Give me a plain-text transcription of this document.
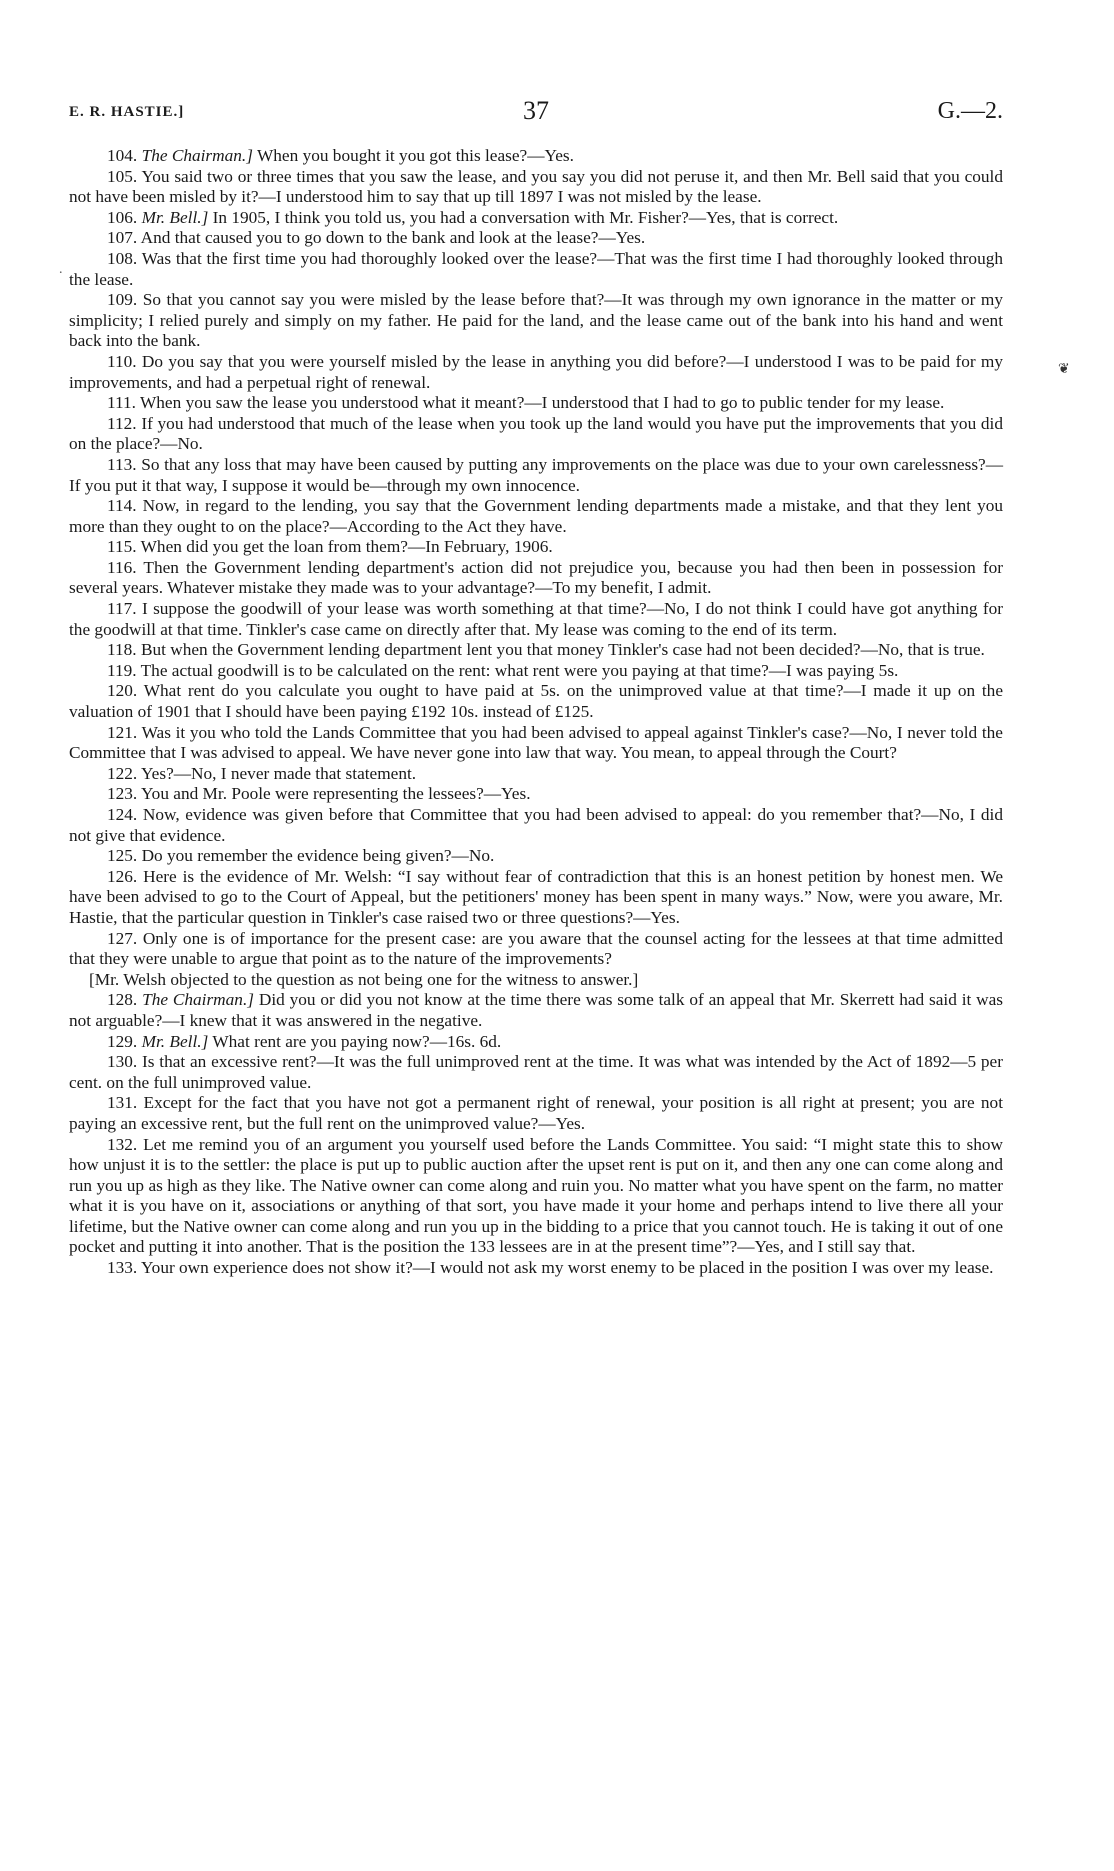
E. R. HASTIE.]	37	G.—2.
.
❦

104. The Chairman.] When you bought it you got this lease?—Yes.

105. You said two or three times that you saw the lease, and you say you did not peruse it, and then Mr. Bell said that you could not have been misled by it?—I understood him to say that up till 1897 I was not misled by the lease.

106. Mr. Bell.] In 1905, I think you told us, you had a conversation with Mr. Fisher?—Yes, that is correct.

107. And that caused you to go down to the bank and look at the lease?—Yes.

108. Was that the first time you had thoroughly looked over the lease?—That was the first time I had thoroughly looked through the lease.

109. So that you cannot say you were misled by the lease before that?—It was through my own ignorance in the matter or my simplicity; I relied purely and simply on my father. He paid for the land, and the lease came out of the bank into his hand and went back into the bank.

110. Do you say that you were yourself misled by the lease in anything you did before?—I understood I was to be paid for my improvements, and had a perpetual right of renewal.

111. When you saw the lease you understood what it meant?—I understood that I had to go to public tender for my lease.

112. If you had understood that much of the lease when you took up the land would you have put the improvements that you did on the place?—No.

113. So that any loss that may have been caused by putting any improvements on the place was due to your own carelessness?—If you put it that way, I suppose it would be—through my own innocence.

114. Now, in regard to the lending, you say that the Government lending departments made a mistake, and that they lent you more than they ought to on the place?—According to the Act they have.

115. When did you get the loan from them?—In February, 1906.

116. Then the Government lending department's action did not prejudice you, because you had then been in possession for several years. Whatever mistake they made was to your advantage?—To my benefit, I admit.

117. I suppose the goodwill of your lease was worth something at that time?—No, I do not think I could have got anything for the goodwill at that time. Tinkler's case came on directly after that. My lease was coming to the end of its term.

118. But when the Government lending department lent you that money Tinkler's case had not been decided?—No, that is true.

119. The actual goodwill is to be calculated on the rent: what rent were you paying at that time?—I was paying 5s.

120. What rent do you calculate you ought to have paid at 5s. on the unimproved value at that time?—I made it up on the valuation of 1901 that I should have been paying £192 10s. instead of £125.

121. Was it you who told the Lands Committee that you had been advised to appeal against Tinkler's case?—No, I never told the Committee that I was advised to appeal. We have never gone into law that way. You mean, to appeal through the Court?

122. Yes?—No, I never made that statement.

123. You and Mr. Poole were representing the lessees?—Yes.

124. Now, evidence was given before that Committee that you had been advised to appeal: do you remember that?—No, I did not give that evidence.

125. Do you remember the evidence being given?—No.

126. Here is the evidence of Mr. Welsh: “I say without fear of contradiction that this is an honest petition by honest men. We have been advised to go to the Court of Appeal, but the petitioners' money has been spent in many ways.” Now, were you aware, Mr. Hastie, that the particular question in Tinkler's case raised two or three questions?—Yes.

127. Only one is of importance for the present case: are you aware that the counsel acting for the lessees at that time admitted that they were unable to argue that point as to the nature of the improvements?

[Mr. Welsh objected to the question as not being one for the witness to answer.]

128. The Chairman.] Did you or did you not know at the time there was some talk of an appeal that Mr. Skerrett had said it was not arguable?—I knew that it was answered in the negative.

129. Mr. Bell.] What rent are you paying now?—16s. 6d.

130. Is that an excessive rent?—It was the full unimproved rent at the time. It was what was intended by the Act of 1892—5 per cent. on the full unimproved value.

131. Except for the fact that you have not got a permanent right of renewal, your position is all right at present; you are not paying an excessive rent, but the full rent on the unimproved value?—Yes.

132. Let me remind you of an argument you yourself used before the Lands Committee. You said: “I might state this to show how unjust it is to the settler: the place is put up to public auction after the upset rent is put on it, and then any one can come along and run you up as high as they like. The Native owner can come along and ruin you. No matter what you have spent on the farm, no matter what it is you have on it, associations or anything of that sort, you have made it your home and perhaps intend to live there all your lifetime, but the Native owner can come along and run you up in the bidding to a price that you cannot touch. He is taking it out of one pocket and putting it into another. That is the position the 133 lessees are in at the present time”?—Yes, and I still say that.

133. Your own experience does not show it?—I would not ask my worst enemy to be placed in the position I was over my lease.
